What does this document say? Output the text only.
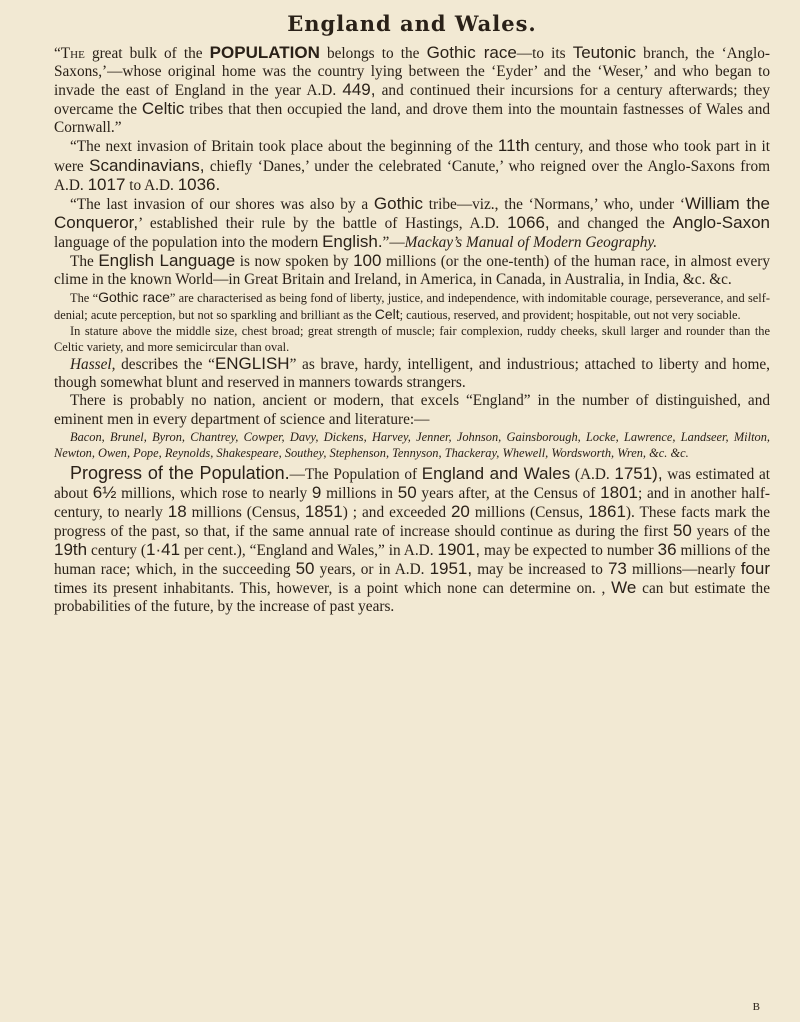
England and Wales.

“The great bulk of the POPULATION belongs to the Gothic race—to its Teutonic branch, the ‘Anglo-Saxons,’—whose original home was the country lying between the ‘Eyder’ and the ‘Weser,’ and who began to invade the east of England in the year A.D. 449, and continued their incursions for a century afterwards; they overcame the Celtic tribes that then occupied the land, and drove them into the mountain fastnesses of Wales and Cornwall.”

“The next invasion of Britain took place about the beginning of the 11th century, and those who took part in it were Scandinavians, chiefly ‘Danes,’ under the celebrated ‘Canute,’ who reigned over the Anglo-Saxons from A.D. 1017 to A.D. 1036.

“The last invasion of our shores was also by a Gothic tribe—viz., the ‘Normans,’ who, under ‘William the Conqueror,’ established their rule by the battle of Hastings, A.D. 1066, and changed the Anglo-Saxon language of the population into the modern English.”—Mackay’s Manual of Modern Geography.

The English Language is now spoken by 100 millions (or the one-tenth) of the human race, in almost every clime in the known World—in Great Britain and Ireland, in America, in Canada, in Australia, in India, &c. &c.

The “Gothic race” are characterised as being fond of liberty, justice, and independence, with indomitable courage, perseverance, and self-denial; acute perception, but not so sparkling and brilliant as the Celt; cautious, reserved, and provident; hospitable, out not very sociable.

In stature above the middle size, chest broad; great strength of muscle; fair complexion, ruddy cheeks, skull larger and rounder than the Celtic variety, and more semicircular than oval.

Hassel, describes the “ENGLISH” as brave, hardy, intelligent, and industrious; attached to liberty and home, though somewhat blunt and reserved in manners towards strangers.

There is probably no nation, ancient or modern, that excels “England” in the number of distinguished, and eminent men in every department of science and literature:—

Bacon, Brunel, Byron, Chantrey, Cowper, Davy, Dickens, Harvey, Jenner, Johnson, Gainsborough, Locke, Lawrence, Landseer, Milton, Newton, Owen, Pope, Reynolds, Shakespeare, Southey, Stephenson, Tennyson, Thackeray, Whewell, Wordsworth, Wren, &c. &c.

Progress of the Population.—The Population of England and Wales (A.D. 1751), was estimated at about 6½ millions, which rose to nearly 9 millions in 50 years after, at the Census of 1801; and in another half-century, to nearly 18 millions (Census, 1851) ; and exceeded 20 millions (Census, 1861). These facts mark the progress of the past, so that, if the same annual rate of increase should continue as during the first 50 years of the 19th century (1·41 per cent.), “England and Wales,” in A.D. 1901, may be expected to number 36 millions of the human race; which, in the succeeding 50 years, or in A.D. 1951, may be increased to 73 millions—nearly four times its present inhabitants. This, however, is a point which none can determine on. , We can but estimate the probabilities of the future, by the increase of past years.

B
